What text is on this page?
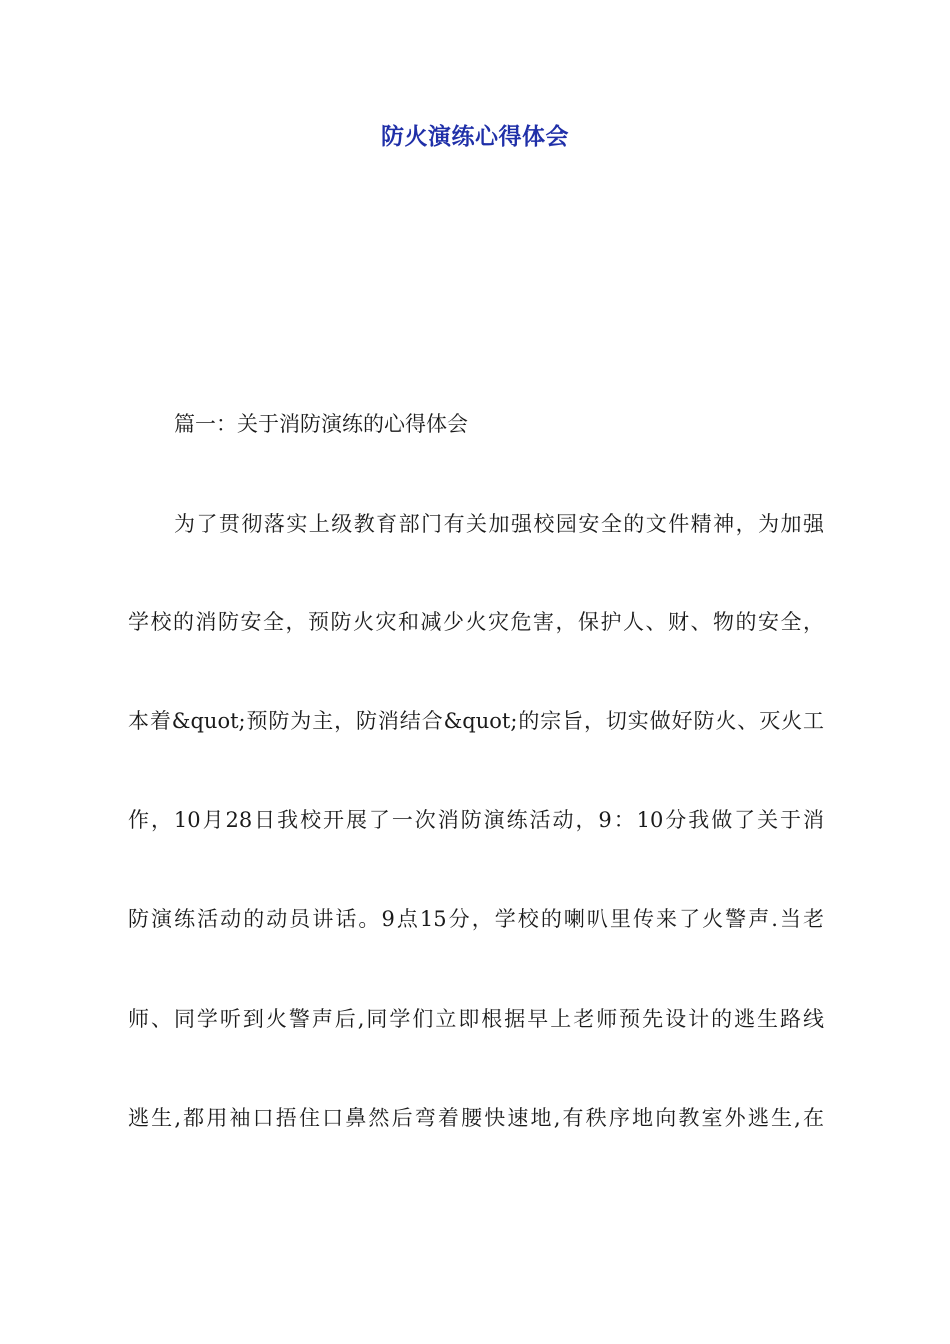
防火演练心得体会

篇一：关于消防演练的心得体会

为了贯彻落实上级教育部门有关加强校园安全的文件精神，为加强

学校的消防安全，预防火灾和减少火灾危害，保护人、财、物的安全，

本着&quot;预防为主，防消结合&quot;的宗旨，切实做好防火、灭火工

作，10月28日我校开展了一次消防演练活动，9：10分我做了关于消

防演练活动的动员讲话。9点15分，学校的喇叭里传来了火警声.当老

师、同学听到火警声后,同学们立即根据早上老师预先设计的逃生路线

逃生,都用袖口捂住口鼻然后弯着腰快速地,有秩序地向教室外逃生,在
